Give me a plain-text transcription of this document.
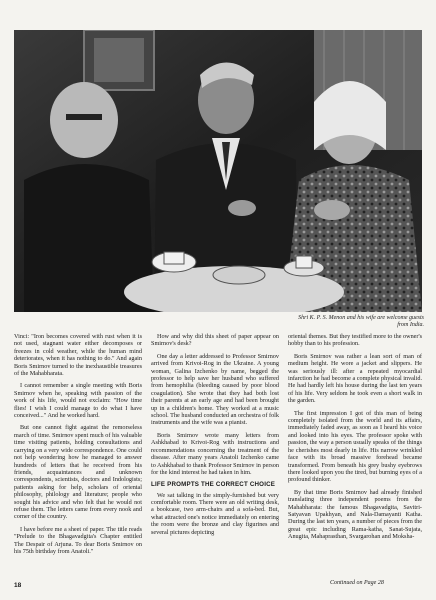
Shri K. P. S. Menon and his wife are welcome guests from India.

Vinci: "Iron becomes covered with rust when it is not used, stagnant water either decomposes or freezes in cold weather, while the human mind deteriorates, when it has nothing to do." And again Boris Smirnov turned to the inexhaustible treasures of the Mahabharata.

I cannot remember a single meeting with Boris Smirnov when he, speaking with passion of the work of his life, would not exclaim: "How time flies! I wish I could manage to do what I have conceived..." And he worked hard.

But one cannot fight against the remorseless march of time. Smirnov spent much of his valuable time visiting patients, holding consultations and carrying on a very wide correspondence. One could not help wondering how he managed to answer hundreds of letters that he received from his friends, acquaintances and unknown correspondents, scientists, doctors and Indologists; patients asking for help, scholars of oriental philosophy, philology and literature; people who sought his advice and who felt that he would not refuse them. The letters came from every nook and corner of the country.

I have before me a sheet of paper. The title reads "Prelude to the Bhagavadgita's Chapter entitled The Despair of Arjuna. To dear Boris Smirnov on his 75th birthday from Anatoli."

How and why did this sheet of paper appear on Smirnov's desk?

One day a letter addressed to Professor Smirnov arrived from Krivoi-Rog in the Ukraine. A young woman, Galina Izchenko by name, begged the professor to help save her husband who suffered from hemophilia (bleeding caused by poor blood coagulation). She wrote that they had both lost their parents at an early age and had been brought up in a children's home. They worked at a music school. The husband conducted an orchestra of folk instruments and the wife was a pianist.

Boris Smirnov wrote many letters from Ashkhabad to Krivoi-Rog with instructions and recommendations concerning the treatment of the disease. After many years Anatoli Izchenko came to Ashkhabad to thank Professor Smirnov in person for the kind interest he had taken in him.

LIFE PROMPTS THE CORRECT CHOICE

We sat talking in the simply-furnished but very comfortable room. There were an old writing desk, a bookcase, two arm-chairs and a sofa-bed. But, what attracted one's notice immediately on entering the room were the bronze and clay figurines and several pictures depicting

oriental themes. But they testified more to the owner's hobby than to his profession.

Boris Smirnov was rather a lean sort of man of medium height. He wore a jacket and slippers. He was seriously ill: after a repeated myocardial infarction he had become a complete physical invalid. He had hardly left his house during the last ten years of his life. Very seldom he took even a short walk in the garden.

The first impression I got of this man of being completely isolated from the world and its affairs, immediately faded away, as soon as I heard his voice and looked into his eyes. The professor spoke with passion, the way a person usually speaks of the things he cherishes most dearly in life. His narrow wrinkled face with its broad massive forehead became transformed. From beneath his grey bushy eyebrows there looked upon you the tired, but burning eyes of a profound thinker.

By that time Boris Smirnov had already finished translating three independent poems from the Mahabharata: the famous Bhagavadgita, Savitri-Satyavan Upakhyan, and Nala-Damayanti Katha. During the last ten years, a number of pieces from the great epic including Rama-katha, Sanat-Sujata, Anugita, Mahaprasthan, Svargarohan and Moksha-

Continued on Page 28
18
